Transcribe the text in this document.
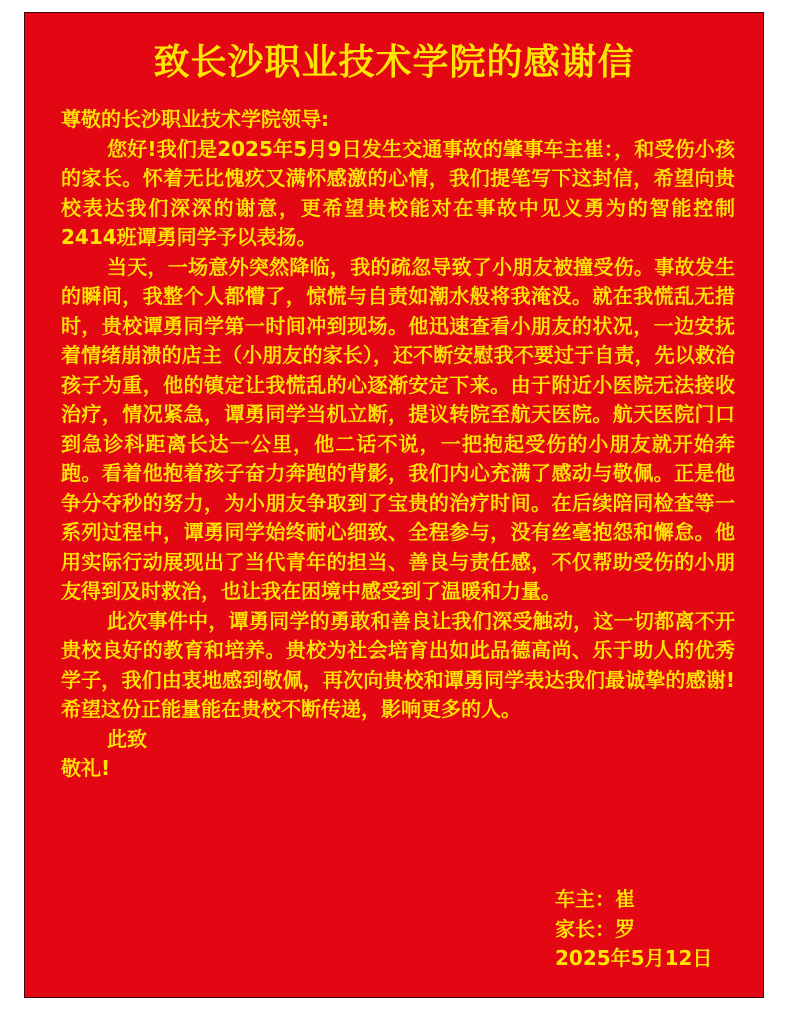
致长沙职业技术学院的感谢信

尊敬的长沙职业技术学院领导:

您好!我们是2025年5月9日发生交通事故的肇事车主崔：，和受伤小孩的家长。怀着无比愧疚又满怀感激的心情，我们提笔写下这封信，希望向贵校表达我们深深的谢意，更希望贵校能对在事故中见义勇为的智能控制2414班谭勇同学予以表扬。

当天，一场意外突然降临，我的疏忽导致了小朋友被撞受伤。事故发生的瞬间，我整个人都懵了，惊慌与自责如潮水般将我淹没。就在我慌乱无措时，贵校谭勇同学第一时间冲到现场。他迅速查看小朋友的状况，一边安抚着情绪崩溃的店主（小朋友的家长），还不断安慰我不要过于自责，先以救治孩子为重，他的镇定让我慌乱的心逐渐安定下来。由于附近小医院无法接收治疗，情况紧急，谭勇同学当机立断，提议转院至航天医院。航天医院门口到急诊科距离长达一公里，他二话不说，一把抱起受伤的小朋友就开始奔跑。看着他抱着孩子奋力奔跑的背影，我们内心充满了感动与敬佩。正是他争分夺秒的努力，为小朋友争取到了宝贵的治疗时间。在后续陪同检查等一系列过程中，谭勇同学始终耐心细致、全程参与，没有丝毫抱怨和懈怠。他用实际行动展现出了当代青年的担当、善良与责任感，不仅帮助受伤的小朋友得到及时救治，也让我在困境中感受到了温暖和力量。

此次事件中，谭勇同学的勇敢和善良让我们深受触动，这一切都离不开贵校良好的教育和培养。贵校为社会培育出如此品德高尚、乐于助人的优秀学子，我们由衷地感到敬佩，再次向贵校和谭勇同学表达我们最诚挚的感谢!希望这份正能量能在贵校不断传递，影响更多的人。

此致

敬礼!

车主：崔
家长：罗
2025年5月12日
